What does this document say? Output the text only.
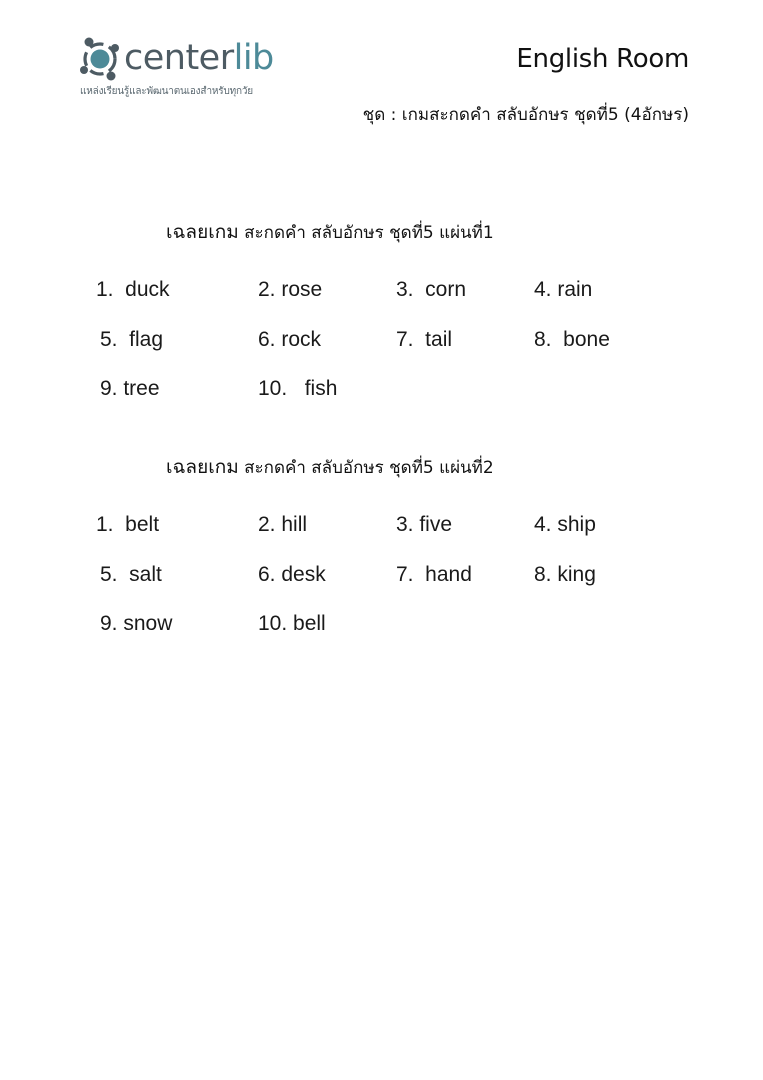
centerlib
แหล่งเรียนรู้และพัฒนาตนเองสำหรับทุกวัย
English Room
ชุด : เกมสะกดคำ สลับอักษร ชุดที่5 (4อักษร)
เฉลยเกม สะกดคำ สลับอักษร ชุดที่5 แผ่นที่1
1.  duck	2. rose	3.  corn	4. rain
5.  flag	6. rock	7.  tail	8.  bone
9. tree	10.   fish
เฉลยเกม สะกดคำ สลับอักษร ชุดที่5 แผ่นที่2
1.  belt	2. hill	3. five	4. ship
5.  salt	6. desk	7.  hand	8. king
9. snow	10. bell
